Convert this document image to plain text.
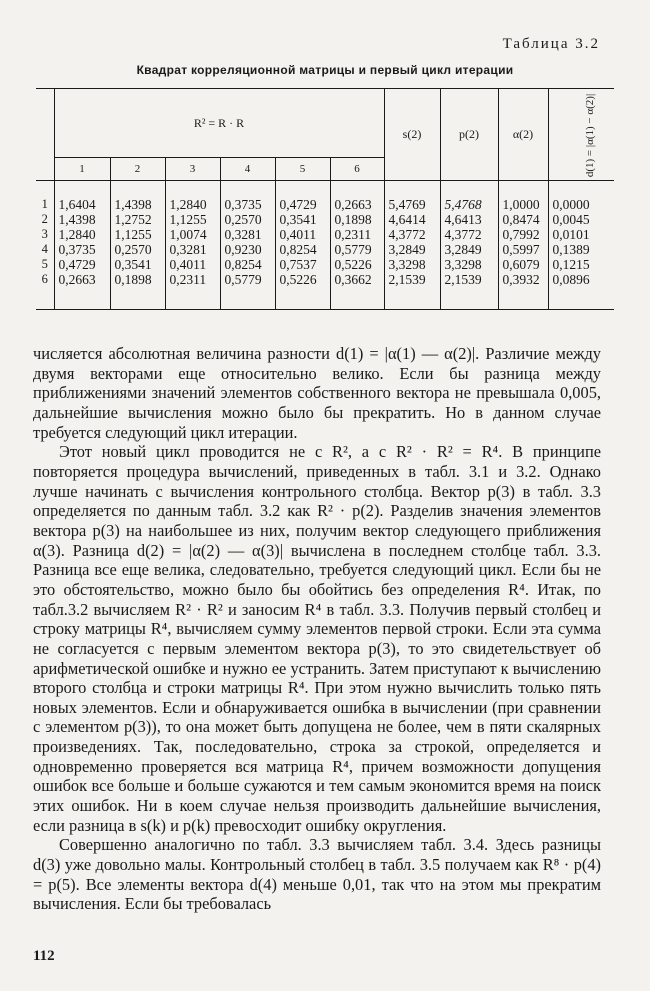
Таблица 3.2
Квадрат корреляционной матрицы и первый цикл итерации
	R² = R · R						s(2)	p(2)	α(2)	d(1) = |α(1) − α(2)|
	1	2	3	4	5	6				

1	1,6404	1,4398	1,2840	0,3735	0,4729	0,2663	5,4769	5,4768	1,0000	0,0000
2	1,4398	1,2752	1,1255	0,2570	0,3541	0,1898	4,6414	4,6413	0,8474	0,0045
3	1,2840	1,1255	1,0074	0,3281	0,4011	0,2311	4,3772	4,3772	0,7992	0,0101
4	0,3735	0,2570	0,3281	0,9230	0,8254	0,5779	3,2849	3,2849	0,5997	0,1389
5	0,4729	0,3541	0,4011	0,8254	0,7537	0,5226	3,3298	3,3298	0,6079	0,1215
6	0,2663	0,1898	0,2311	0,5779	0,5226	0,3662	2,1539	2,1539	0,3932	0,0896

числяется абсолютная величина разности d(1) = |α(1) — α(2)|. Различие между двумя векторами еще относительно велико. Если бы разница между приближениями значений элементов собственного вектора не превышала 0,005, дальнейшие вычисления можно было бы прекратить. Но в данном случае требуется следующий цикл итерации.

Этот новый цикл проводится не с R², а с R² · R² = R⁴. В принципе повторяется процедура вычислений, приведенных в табл. 3.1 и 3.2. Однако лучше начинать с вычисления контрольного столбца. Вектор p(3) в табл. 3.3 определяется по данным табл. 3.2 как R² · p(2). Разделив значения элементов вектора p(3) на наибольшее из них, получим вектор следующего приближения α(3). Разница d(2) = |α(2) — α(3)| вычислена в последнем столбце табл. 3.3. Разница все еще велика, следовательно, требуется следующий цикл. Если бы не это обстоятельство, можно было бы обойтись без определения R⁴. Итак, по табл.3.2 вычисляем R² · R² и заносим R⁴ в табл. 3.3. Получив первый столбец и строку матрицы R⁴, вычисляем сумму элементов первой строки. Если эта сумма не согласуется с первым элементом вектора p(3), то это свидетельствует об арифметической ошибке и нужно ее устранить. Затем приступают к вычислению второго столбца и строки матрицы R⁴. При этом нужно вычислить только пять новых элементов. Если и обнаруживается ошибка в вычислении (при сравнении с элементом p(3)), то она может быть допущена не более, чем в пяти скалярных произведениях. Так, последовательно, строка за строкой, определяется и одновременно проверяется вся матрица R⁴, причем возможности допущения ошибок все больше и больше сужаются и тем самым экономится время на поиск этих ошибок. Ни в коем случае нельзя производить дальнейшие вычисления, если разница в s(k) и p(k) превосходит ошибку округления.

Совершенно аналогично по табл. 3.3 вычисляем табл. 3.4. Здесь разницы d(3) уже довольно малы. Контрольный столбец в табл. 3.5 получаем как R⁸ · p(4) = p(5). Все элементы вектора d(4) меньше 0,01, так что на этом мы прекратим вычисления. Если бы требовалась

112
